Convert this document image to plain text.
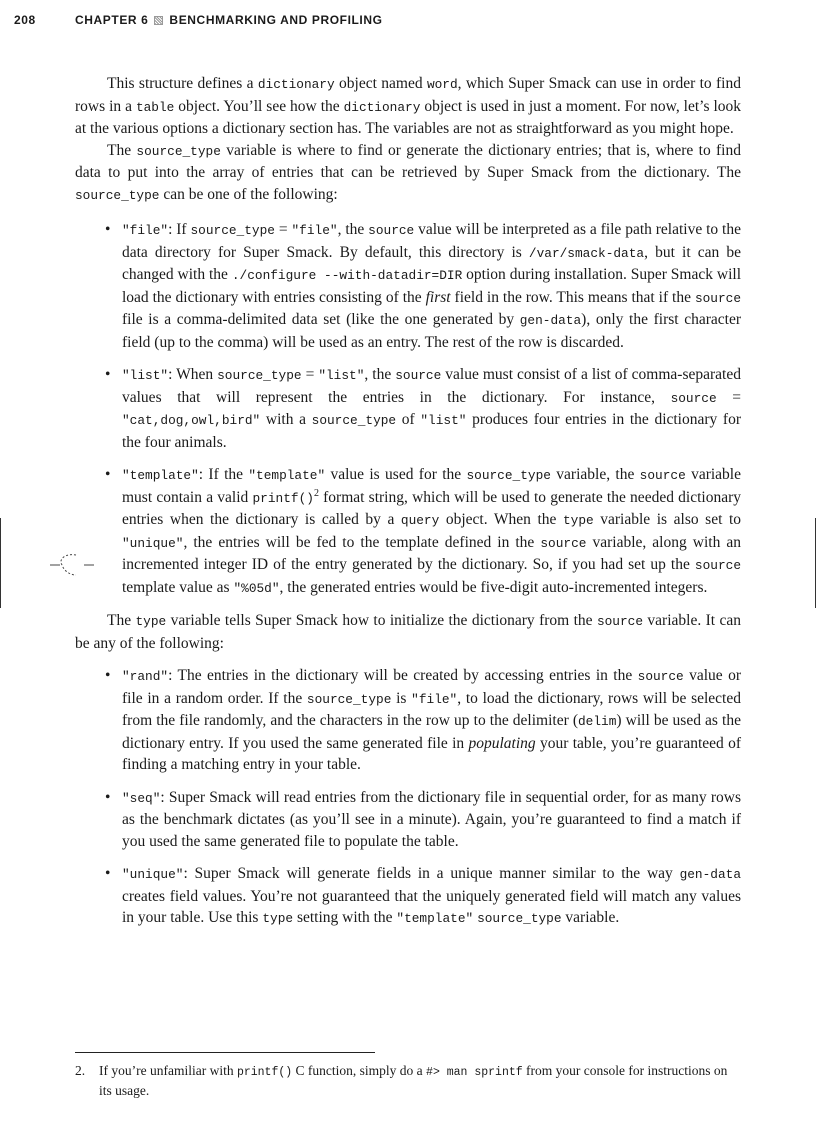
208	CHAPTER 6 BENCHMARKING AND PROFILING

This structure defines a dictionary object named word, which Super Smack can use in order to find rows in a table object. You’ll see how the dictionary object is used in just a moment. For now, let’s look at the various options a dictionary section has. The variables are not as straightforward as you might hope.

The source_type variable is where to find or generate the dictionary entries; that is, where to find data to put into the array of entries that can be retrieved by Super Smack from the dictionary. The source_type can be one of the following:

• "file": If source_type = "file", the source value will be interpreted as a file path relative to the data directory for Super Smack. By default, this directory is /var/smack-data, but it can be changed with the ./configure --with-datadir=DIR option during installation. Super Smack will load the dictionary with entries consisting of the first field in the row. This means that if the source file is a comma-delimited data set (like the one generated by gen-data), only the first character field (up to the comma) will be used as an entry. The rest of the row is discarded.
• "list": When source_type = "list", the source value must consist of a list of comma-separated values that will represent the entries in the dictionary. For instance, source = "cat,dog,owl,bird" with a source_type of "list" produces four entries in the dictionary for the four animals.
• "template": If the "template" value is used for the source_type variable, the source variable must contain a valid printf()$^2$ format string, which will be used to generate the needed dictionary entries when the dictionary is called by a query object. When the type variable is also set to "unique", the entries will be fed to the template defined in the source variable, along with an incremented integer ID of the entry generated by the dictionary. So, if you had set up the source template value as "%05d", the generated entries would be five-digit auto-incremented integers.

The type variable tells Super Smack how to initialize the dictionary from the source variable. It can be any of the following:

• "rand": The entries in the dictionary will be created by accessing entries in the source value or file in a random order. If the source_type is "file", to load the dictionary, rows will be selected from the file randomly, and the characters in the row up to the delimiter (delim) will be used as the dictionary entry. If you used the same generated file in populating your table, you’re guaranteed of finding a matching entry in your table.
• "seq": Super Smack will read entries from the dictionary file in sequential order, for as many rows as the benchmark dictates (as you’ll see in a minute). Again, you’re guaranteed to find a match if you used the same generated file to populate the table.
• "unique": Super Smack will generate fields in a unique manner similar to the way gen-data creates field values. You’re not guaranteed that the uniquely generated field will match any values in your table. Use this type setting with the "template" source_type variable.
2. If you’re unfamiliar with printf() C function, simply do a #> man sprintf from your console for instructions on its usage.
